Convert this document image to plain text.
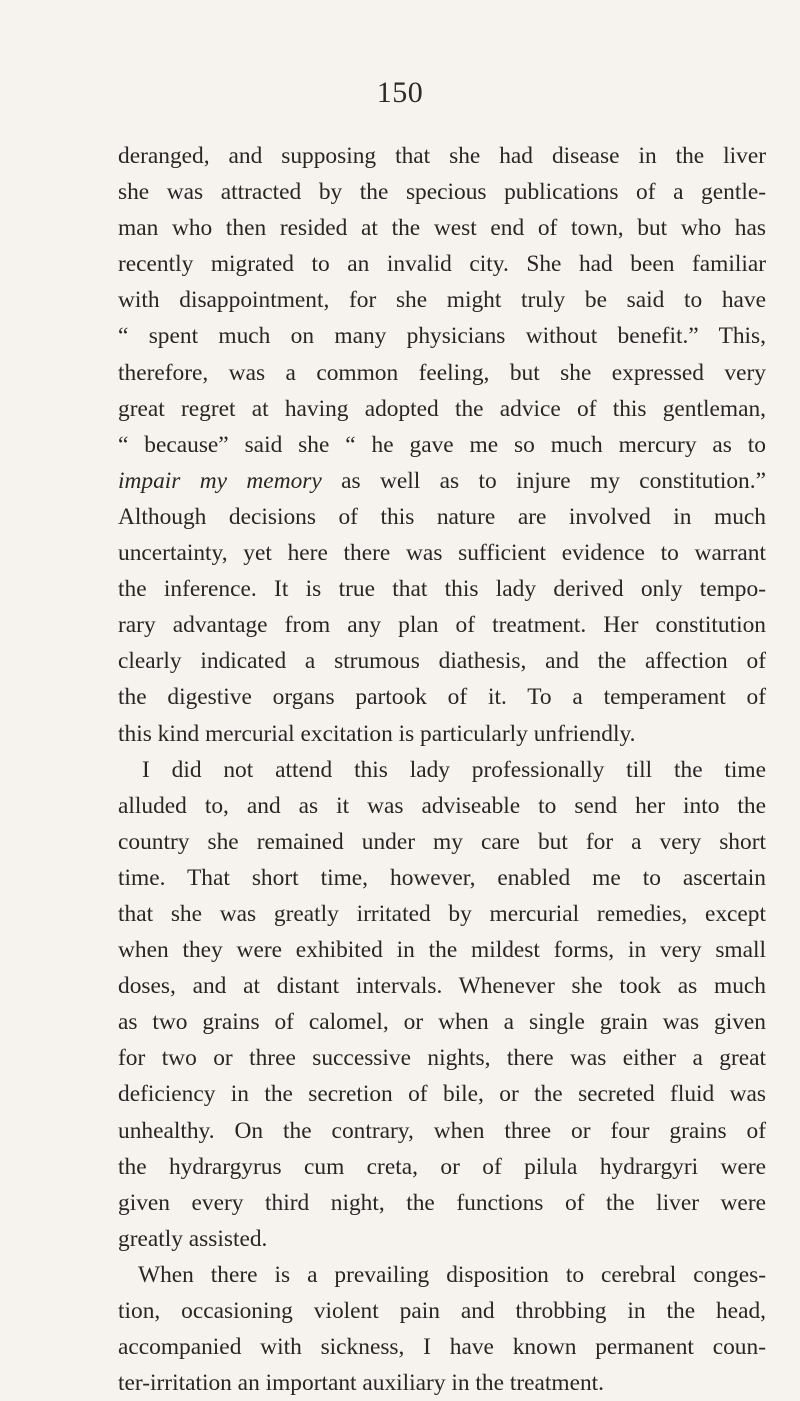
150
deranged, and supposing that she had disease in the liver
she was attracted by the specious publications of a gentle-
man who then resided at the west end of town, but who has
recently migrated to an invalid city. She had been familiar
with disappointment, for she might truly be said to have
“ spent much on many physicians without benefit.” This,
therefore, was a common feeling, but she expressed very
great regret at having adopted the advice of this gentleman,
“ because” said she “ he gave me so much mercury as to
impair my memory as well as to injure my constitution.”
Although decisions of this nature are involved in much
uncertainty, yet here there was sufficient evidence to warrant
the inference. It is true that this lady derived only tempo-
rary advantage from any plan of treatment. Her constitution
clearly indicated a strumous diathesis, and the affection of
the digestive organs partook of it. To a temperament of
this kind mercurial excitation is particularly unfriendly.
I did not attend this lady professionally till the time
alluded to, and as it was adviseable to send her into the
country she remained under my care but for a very short
time. That short time, however, enabled me to ascertain
that she was greatly irritated by mercurial remedies, except
when they were exhibited in the mildest forms, in very small
doses, and at distant intervals. Whenever she took as much
as two grains of calomel, or when a single grain was given
for two or three successive nights, there was either a great
deficiency in the secretion of bile, or the secreted fluid was
unhealthy. On the contrary, when three or four grains of
the hydrargyrus cum creta, or of pilula hydrargyri were
given every third night, the functions of the liver were
greatly assisted.
When there is a prevailing disposition to cerebral conges-
tion, occasioning violent pain and throbbing in the head,
accompanied with sickness, I have known permanent coun-
ter-irritation an important auxiliary in the treatment.
